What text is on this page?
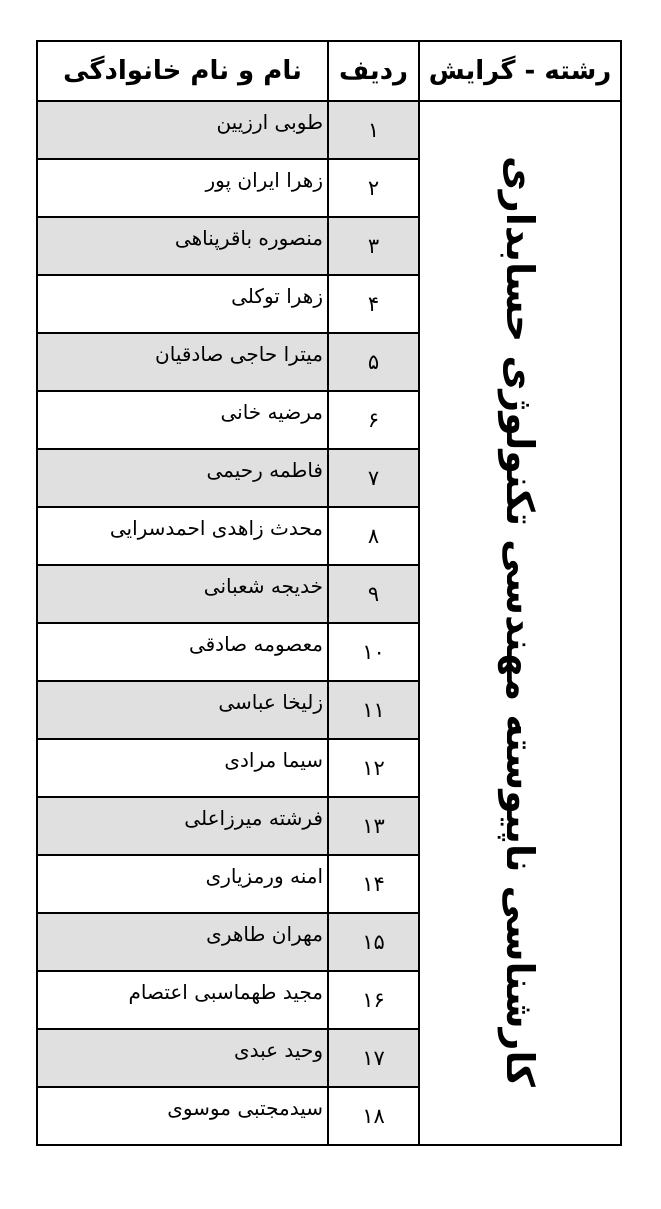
رشته - گرایش	ردیف	نام و نام خانوادگی
کارشناسی ناپیوسته مهندسی تکنولوژی حسابداری	۱	طوبی ارزیین
	۲	زهرا ایران پور
	۳	منصوره باقرپناهی
	۴	زهرا توکلی
	۵	میترا حاجی صادقیان
	۶	مرضیه خانی
	۷	فاطمه رحیمی
	۸	محدث زاهدی احمدسرایی
	۹	خدیجه شعبانی
	۱۰	معصومه صادقی
	۱۱	زلیخا عباسی
	۱۲	سیما مرادی
	۱۳	فرشته میرزاعلی
	۱۴	امنه ورمزیاری
	۱۵	مهران طاهری
	۱۶	مجید طهماسبی اعتصام
	۱۷	وحید عبدی
	۱۸	سیدمجتبی موسوی
